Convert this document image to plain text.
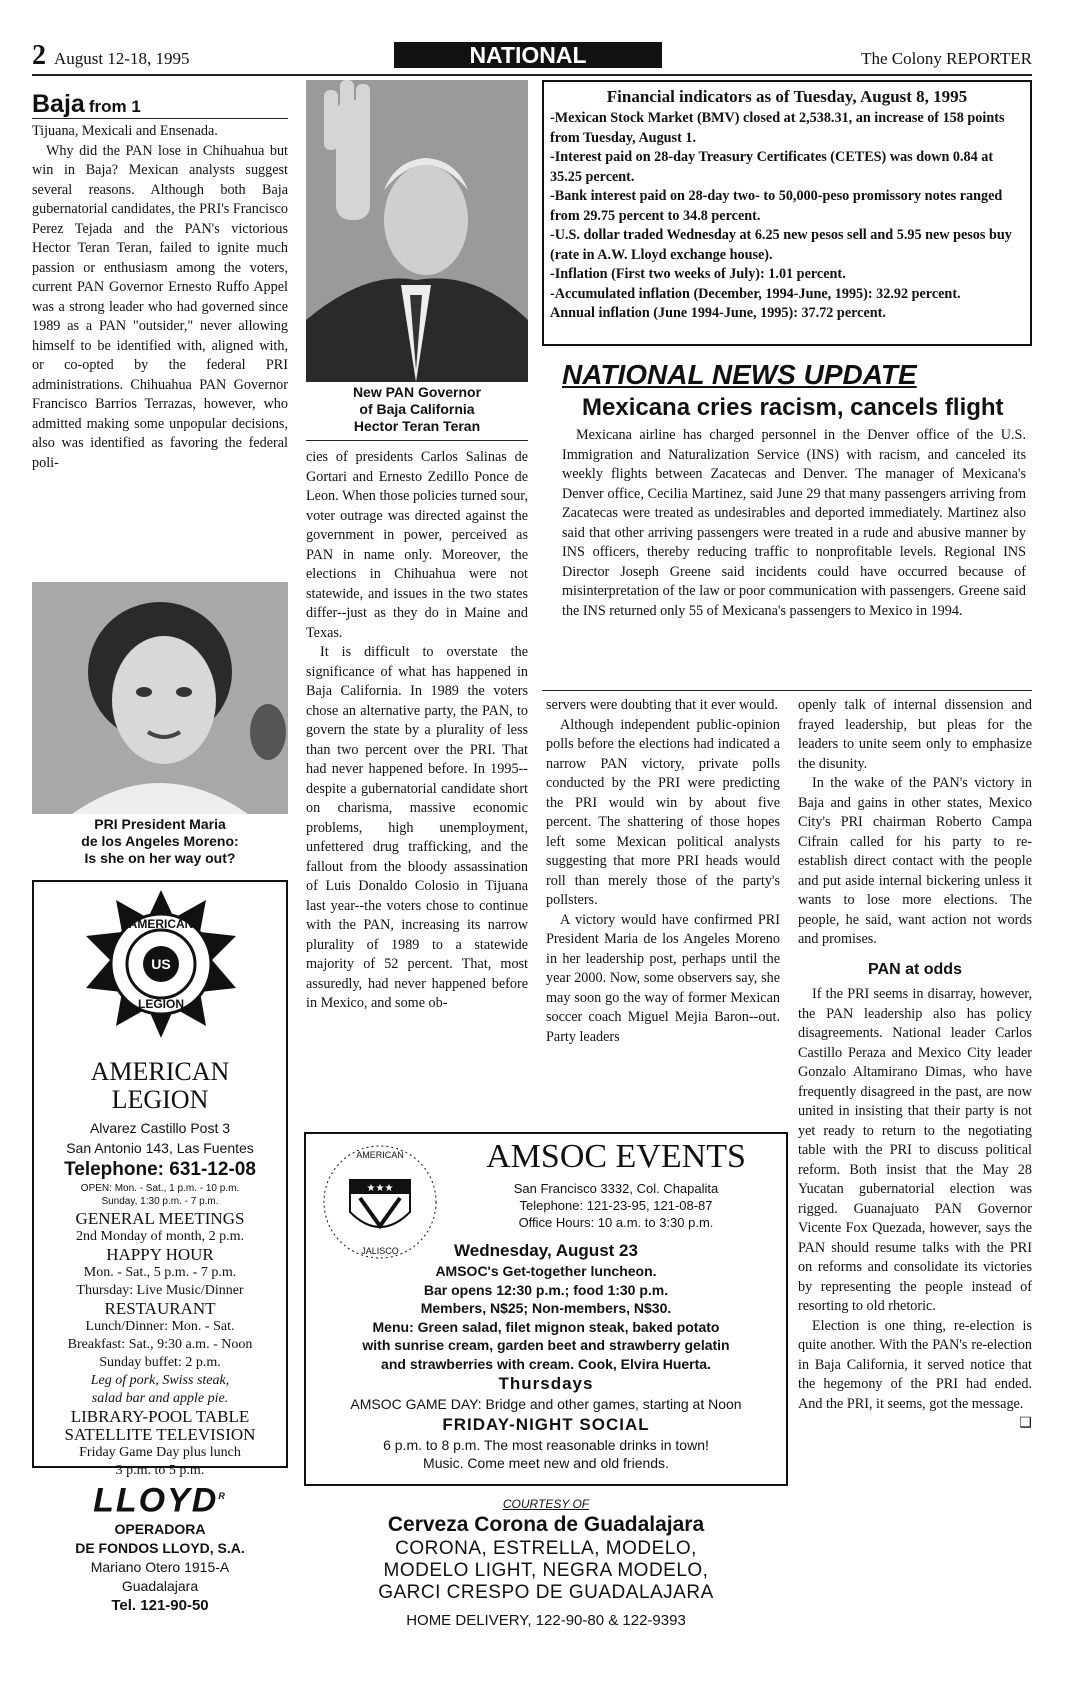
2 August 12-18, 1995	NATIONAL	The Colony REPORTER
Baja from 1

Tijuana, Mexicali and Ensenada.

Why did the PAN lose in Chihuahua but win in Baja? Mexican analysts suggest several reasons. Although both Baja gubernatorial candidates, the PRI's Francisco Perez Tejada and the PAN's victorious Hector Teran Teran, failed to ignite much passion or enthusiasm among the voters, current PAN Governor Ernesto Ruffo Appel was a strong leader who had governed since 1989 as a PAN "outsider," never allowing himself to be identified with, aligned with, or co-opted by the federal PRI administrations. Chihuahua PAN Governor Francisco Barrios Terrazas, however, who admitted making some unpopular decisions, also was identified as favoring the federal poli-

PRI President Maria
de los Angeles Moreno:
Is she on her way out?
US
AMERICAN
LEGION
AMERICAN
LEGION
Alvarez Castillo Post 3
San Antonio 143, Las Fuentes
Telephone: 631-12-08
OPEN: Mon. - Sat., 1 p.m. - 10 p.m.
Sunday, 1:30 p.m. - 7 p.m.
GENERAL MEETINGS
2nd Monday of month, 2 p.m.
HAPPY HOUR
Mon. - Sat., 5 p.m. - 7 p.m.
Thursday: Live Music/Dinner
RESTAURANT
Lunch/Dinner: Mon. - Sat.
Breakfast: Sat., 9:30 a.m. - Noon
Sunday buffet: 2 p.m.
Leg of pork, Swiss steak,
salad bar and apple pie.
LIBRARY-POOL TABLE
SATELLITE TELEVISION
Friday Game Day plus lunch
3 p.m. to 5 p.m.
$LLOYD^R$
OPERADORA
DE FONDOS LLOYD, S.A.
Mariano Otero 1915-A
Guadalajara
Tel. 121-90-50
New PAN Governor
of Baja California
Hector Teran Teran

cies of presidents Carlos Salinas de Gortari and Ernesto Zedillo Ponce de Leon. When those policies turned sour, voter outrage was directed against the government in power, perceived as PAN in name only. Moreover, the elections in Chihuahua were not statewide, and issues in the two states differ--just as they do in Maine and Texas.

It is difficult to overstate the significance of what has happened in Baja California. In 1989 the voters chose an alternative party, the PAN, to govern the state by a plurality of less than two percent over the PRI. That had never happened before. In 1995--despite a gubernatorial candidate short on charisma, massive economic problems, high unemployment, unfettered drug trafficking, and the fallout from the bloody assassination of Luis Donaldo Colosio in Tijuana last year--the voters chose to continue with the PAN, increasing its narrow plurality of 1989 to a statewide majority of 52 percent. That, most assuredly, had never happened before in Mexico, and some ob-

Financial indicators as of Tuesday, August 8, 1995

-Mexican Stock Market (BMV) closed at 2,538.31, an increase of 158 points from Tuesday, August 1.

-Interest paid on 28-day Treasury Certificates (CETES) was down 0.84 at 35.25 percent.

-Bank interest paid on 28-day two- to 50,000-peso promissory notes ranged from 29.75 percent to 34.8 percent.

-U.S. dollar traded Wednesday at 6.25 new pesos sell and 5.95 new pesos buy (rate in A.W. Lloyd exchange house).

-Inflation (First two weeks of July): 1.01 percent.

-Accumulated inflation (December, 1994-June, 1995): 32.92 percent.

Annual inflation (June 1994-June, 1995): 37.72 percent.

NATIONAL NEWS UPDATE
Mexicana cries racism, cancels flight

Mexicana airline has charged personnel in the Denver office of the U.S. Immigration and Naturalization Service (INS) with racism, and canceled its weekly flights between Zacatecas and Denver. The manager of Mexicana's Denver office, Cecilia Martinez, said June 29 that many passengers arriving from Zacatecas were treated as undesirables and deported immediately. Martinez also said that other arriving passengers were treated in a rude and abusive manner by INS officers, thereby reducing traffic to nonprofitable levels. Regional INS Director Joseph Greene said incidents could have occurred because of misinterpretation of the law or poor communication with passengers. Greene said the INS returned only 55 of Mexicana's passengers to Mexico in 1994.

servers were doubting that it ever would.

Although independent public-opinion polls before the elections had indicated a narrow PAN victory, private polls conducted by the PRI were predicting the PRI would win by about five percent. The shattering of those hopes left some Mexican political analysts suggesting that more PRI heads would roll than merely those of the party's pollsters.

A victory would have confirmed PRI President Maria de los Angeles Moreno in her leadership post, perhaps until the year 2000. Now, some observers say, she may soon go the way of former Mexican soccer coach Miguel Mejia Baron--out. Party leaders

openly talk of internal dissension and frayed leadership, but pleas for the leaders to unite seem only to emphasize the disunity.

In the wake of the PAN's victory in Baja and gains in other states, Mexico City's PRI chairman Roberto Campa Cifrain called for his party to re-establish direct contact with the people and put aside internal bickering unless it wants to lose more elections. The people, he said, want action not words and promises.

PAN at odds

If the PRI seems in disarray, however, the PAN leadership also has policy disagreements. National leader Carlos Castillo Peraza and Mexico City leader Gonzalo Altamirano Dimas, who have frequently disagreed in the past, are now united in insisting that their party is not yet ready to return to the negotiating table with the PRI to discuss political reform. Both insist that the May 28 Yucatan gubernatorial election was rigged. Guanajuato PAN Governor Vicente Fox Quezada, however, says the PAN should resume talks with the PRI on reforms and consolidate its victories by representing the people instead of resorting to old rhetoric.

Election is one thing, re-election is quite another. With the PAN's re-election in Baja California, it served notice that the hegemony of the PRI had ended. And the PRI, it seems, got the message.

❑
★★★
AMERICAN
JALISCO
AMSOC EVENTS
San Francisco 3332, Col. Chapalita
Telephone: 121-23-95, 121-08-87
Office Hours: 10 a.m. to 3:30 p.m.
Wednesday, August 23
AMSOC's Get-together luncheon.
Bar opens 12:30 p.m.; food 1:30 p.m.
Members, N$25; Non-members, N$30.
Menu: Green salad, filet mignon steak, baked potato
with sunrise cream, garden beet and strawberry gelatin
and strawberries with cream. Cook, Elvira Huerta.
Thursdays
AMSOC GAME DAY: Bridge and other games, starting at Noon
FRIDAY-NIGHT SOCIAL
6 p.m. to 8 p.m. The most reasonable drinks in town!
Music. Come meet new and old friends.
COURTESY OF
Cerveza Corona de Guadalajara
CORONA, ESTRELLA, MODELO,
MODELO LIGHT, NEGRA MODELO,
GARCI CRESPO DE GUADALAJARA
HOME DELIVERY, 122-90-80 & 122-9393
